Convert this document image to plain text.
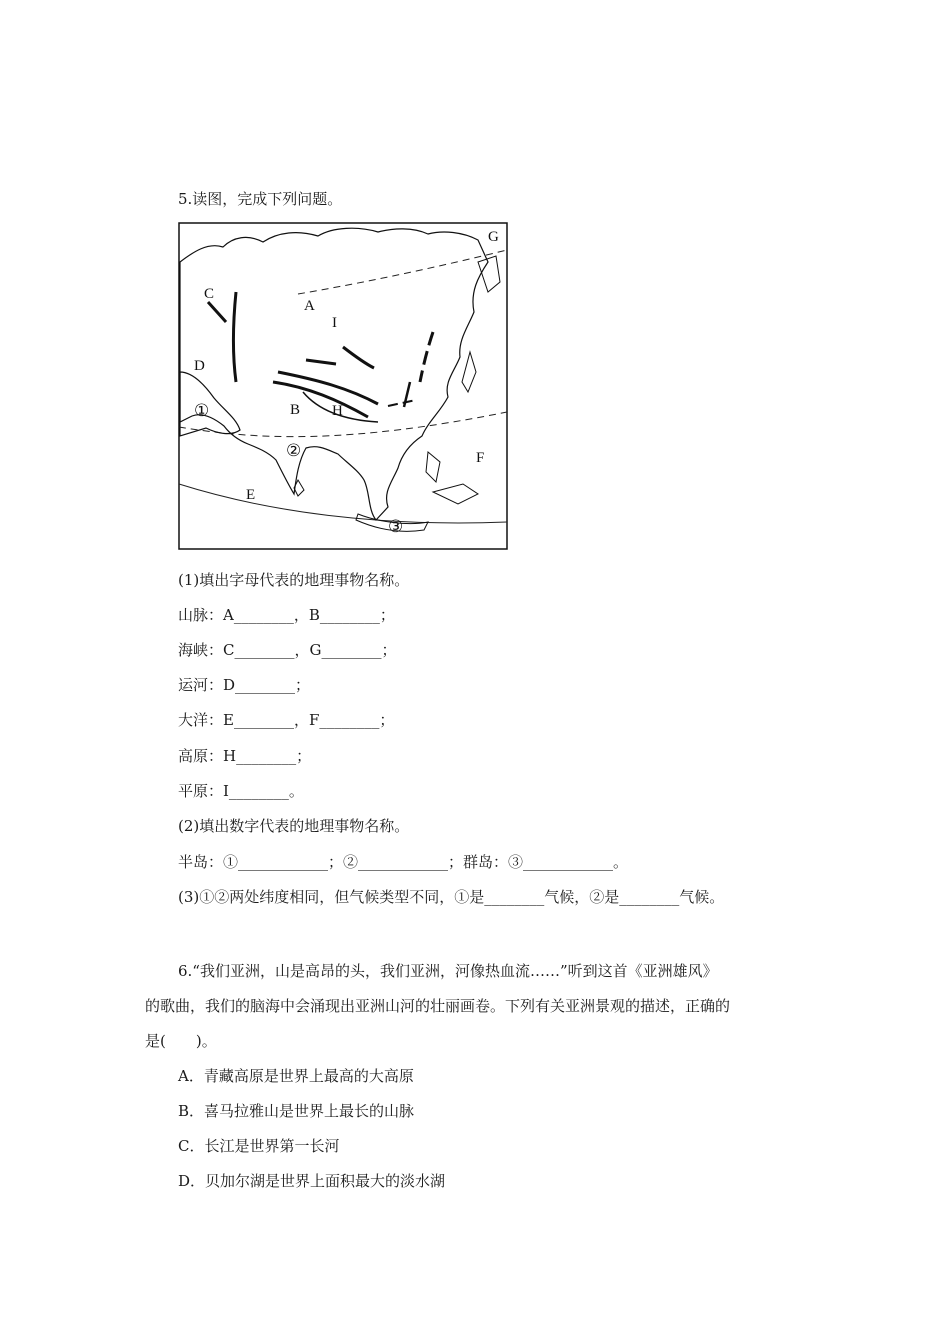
5.读图，完成下列问题。
A
B
C
D
E
F
G
H
I
①
②
③
(1)填出字母代表的地理事物名称。
山脉：A________，B________；
海峡：C________，G________；
运河：D________；
大洋：E________，F________；
高原：H________；
平原：I________。
(2)填出数字代表的地理事物名称。
半岛：①____________；②____________；群岛：③____________。
(3)①②两处纬度相同，但气候类型不同，①是________气候，②是________气候。
6.“我们亚洲，山是高昂的头，我们亚洲，河像热血流……”听到这首《亚洲雄风》
的歌曲，我们的脑海中会涌现出亚洲山河的壮丽画卷。下列有关亚洲景观的描述，正确的
是(　　)。
A．青藏高原是世界上最高的大高原
B．喜马拉雅山是世界上最长的山脉
C．长江是世界第一长河
D．贝加尔湖是世界上面积最大的淡水湖
